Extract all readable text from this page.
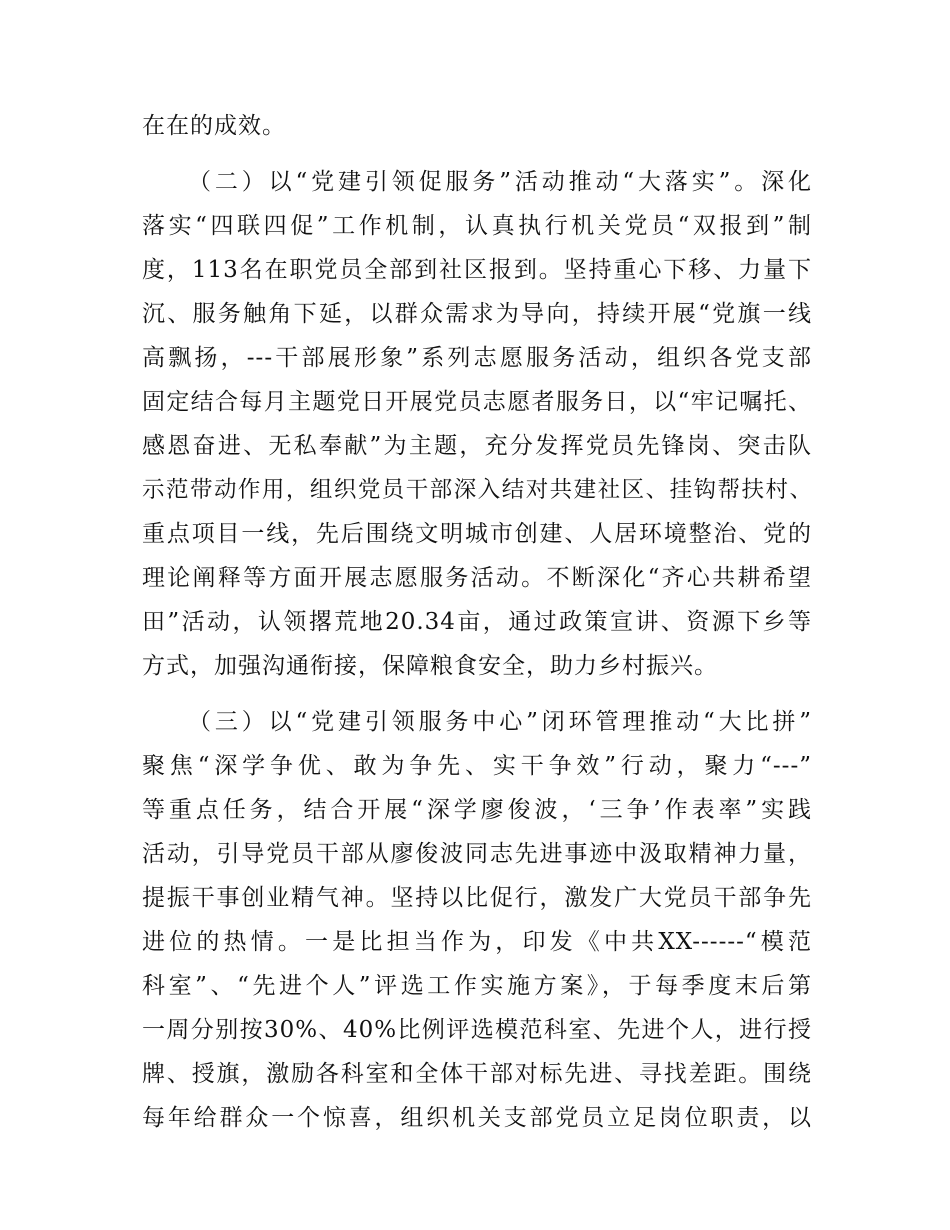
在在的成效。
（二）以“党建引领促服务”活动推动“大落实”。深化
落实“四联四促”工作机制，认真执行机关党员“双报到”制
度，113名在职党员全部到社区报到。坚持重心下移、力量下
沉、服务触角下延，以群众需求为导向，持续开展“党旗一线
高飘扬，---干部展形象”系列志愿服务活动，组织各党支部
固定结合每月主题党日开展党员志愿者服务日，以“牢记嘱托、
感恩奋进、无私奉献”为主题，充分发挥党员先锋岗、突击队
示范带动作用，组织党员干部深入结对共建社区、挂钩帮扶村、
重点项目一线，先后围绕文明城市创建、人居环境整治、党的
理论阐释等方面开展志愿服务活动。不断深化“齐心共耕希望
田”活动，认领撂荒地20.34亩，通过政策宣讲、资源下乡等
方式，加强沟通衔接，保障粮食安全，助力乡村振兴。
（三）以“党建引领服务中心”闭环管理推动“大比拼”
聚焦“深学争优、敢为争先、实干争效”行动，聚力“---”
等重点任务，结合开展“深学廖俊波，‘三争’作表率”实践
活动，引导党员干部从廖俊波同志先进事迹中汲取精神力量，
提振干事创业精气神。坚持以比促行，激发广大党员干部争先
进位的热情。一是比担当作为，印发《中共XX------“模范
科室”、“先进个人”评选工作实施方案》，于每季度末后第
一周分别按30%、40%比例评选模范科室、先进个人，进行授
牌、授旗，激励各科室和全体干部对标先进、寻找差距。围绕
每年给群众一个惊喜，组织机关支部党员立足岗位职责，以
